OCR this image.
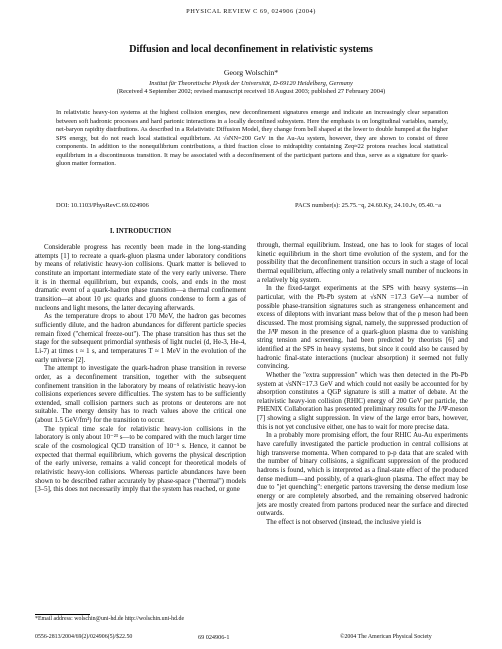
PHYSICAL REVIEW C 69, 024906 (2004)
Diffusion and local deconfinement in relativistic systems
Georg Wolschin*
Institut für Theoretische Physik der Universität, D-69120 Heidelberg, Germany
(Received 4 September 2002; revised manuscript received 18 August 2003; published 27 February 2004)
In relativistic heavy-ion systems at the highest collision energies, new deconfinement signatures emerge and indicate an increasingly clear separation between soft hadronic processes and hard partonic interactions in a locally deconfined subsystem. Here the emphasis is on longitudinal variables, namely, net-baryon rapidity distributions. As described in a Relativistic Diffusion Model, they change from bell shaped at the lower to double humped at the higher SPS energy, but do not reach local statistical equilibrium. At √sNN=200 GeV in the Au-Au system, however, they are shown to consist of three components. In addition to the nonequilibrium contributions, a third fraction close to midrapidity containing Zeq≈22 protons reaches local statistical equilibrium in a discontinuous transition. It may be associated with a deconfinement of the participant partons and thus, serve as a signature for quark-gluon matter formation.
DOI: 10.1103/PhysRevC.69.024906	PACS number(s): 25.75.−q, 24.60.Ky, 24.10.Jv, 05.40.−a
I. INTRODUCTION

Considerable progress has recently been made in the long-standing attempts [1] to recreate a quark-gluon plasma under laboratory conditions by means of relativistic heavy-ion collisions. Quark matter is believed to constitute an important intermediate state of the very early universe. There it is in thermal equilibrium, but expands, cools, and ends in the most dramatic event of a quark-hadron phase transition—a thermal confinement transition—at about 10 μs: quarks and gluons condense to form a gas of nucleons and light mesons, the latter decaying afterwards.

As the temperature drops to about 170 MeV, the hadron gas becomes sufficiently dilute, and the hadron abundances for different particle species remain fixed ("chemical freeze-out"). The phase transition has thus set the stage for the subsequent primordial synthesis of light nuclei (d, He-3, He-4, Li-7) at times t ≈ 1 s, and temperatures T ≈ 1 MeV in the evolution of the early universe [2].

The attempt to investigate the quark-hadron phase transition in reverse order, as a deconfinement transition, together with the subsequent confinement transition in the laboratory by means of relativistic heavy-ion collisions experiences severe difficulties. The system has to be sufficiently extended, small collision partners such as protons or deuterons are not suitable. The energy density has to reach values above the critical one (about 1.5 GeV/fm³) for the transition to occur.

The typical time scale for relativistic heavy-ion collisions in the laboratory is only about 10⁻²³ s—to be compared with the much larger time scale of the cosmological QCD transition of 10⁻⁵ s. Hence, it cannot be expected that thermal equilibrium, which governs the physical description of the early universe, remains a valid concept for theoretical models of relativistic heavy-ion collisions. Whereas particle abundances have been shown to be described rather accurately by phase-space ("thermal") models [3–5], this does not necessarily imply that the system has reached, or gone

through, thermal equilibrium. Instead, one has to look for stages of local kinetic equilibrium in the short time evolution of the system, and for the possibility that the deconfinement transition occurs in such a stage of local thermal equilibrium, affecting only a relatively small number of nucleons in a relatively big system.

In the fixed-target experiments at the SPS with heavy systems—in particular, with the Pb-Pb system at √sNN =17.3 GeV—a number of possible phase-transition signatures such as strangeness enhancement and excess of dileptons with invariant mass below that of the ρ meson had been discussed. The most promising signal, namely, the suppressed production of the J/Ψ meson in the presence of a quark-gluon plasma due to vanishing string tension and screening, had been predicted by theorists [6] and identified at the SPS in heavy systems, but since it could also be caused by hadronic final-state interactions (nuclear absorption) it seemed not fully convincing.

Whether the "extra suppression" which was then detected in the Pb-Pb system at √sNN=17.3 GeV and which could not easily be accounted for by absorption constitutes a QGP signature is still a matter of debate. At the relativistic heavy-ion collision (RHIC) energy of 200 GeV per particle, the PHENIX Collaboration has presented preliminary results for the J/Ψ-meson [7] showing a slight suppression. In view of the large error bars, however, this is not yet conclusive either, one has to wait for more precise data.

In a probably more promising effort, the four RHIC Au-Au experiments have carefully investigated the particle production in central collisions at high transverse momenta. When compared to p-p data that are scaled with the number of binary collisions, a significant suppression of the produced hadrons is found, which is interpreted as a final-state effect of the produced dense medium—and possibly, of a quark-gluon plasma. The effect may be due to "jet quenching": energetic partons traversing the dense medium lose energy or are completely absorbed, and the remaining observed hadronic jets are mostly created from partons produced near the surface and directed outwards.

The effect is not observed (instead, the inclusive yield is

*Email address: wolschin@uni-hd.de http://wolschin.uni-hd.de
0556-2813/2004/69(2)/024906(5)/$22.50	69 024906-1	©2004 The American Physical Society
